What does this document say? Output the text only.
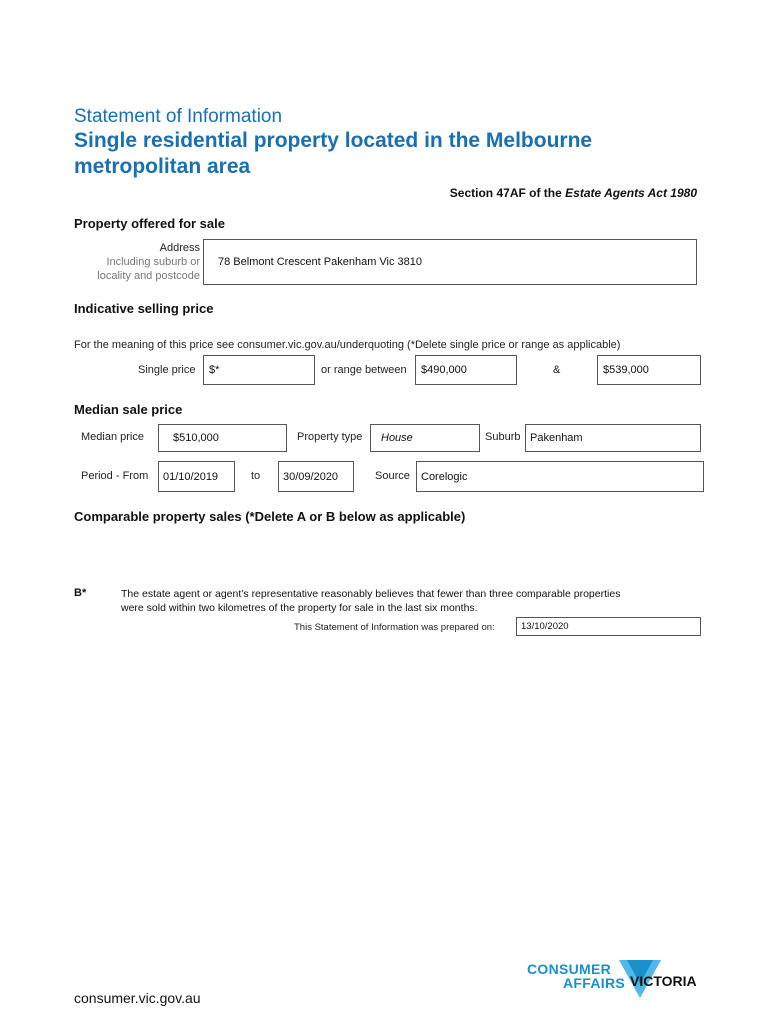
Statement of Information
Single residential property located in the Melbourne
metropolitan area
Section 47AF of the Estate Agents Act 1980
Property offered for sale
Address
Including suburb or
locality and postcode
78 Belmont Crescent Pakenham Vic 3810
Indicative selling price
For the meaning of this price see consumer.vic.gov.au/underquoting (*Delete single price or range as applicable)
Single price $*	or range between $490,000	&	$539,000
Median sale price
Median price	$510,000	Property type House	Suburb Pakenham
Period - From 01/10/2019	to 30/09/2020	Source Corelogic
Comparable property sales (*Delete A or B below as applicable)
B*	The estate agent or agent’s representative reasonably believes that fewer than three comparable properties
were sold within two kilometres of the property for sale in the last six months.
This Statement of Information was prepared on:	13/10/2020
consumer.vic.gov.au
CONSUMER
AFFAIRS VICTORIA
